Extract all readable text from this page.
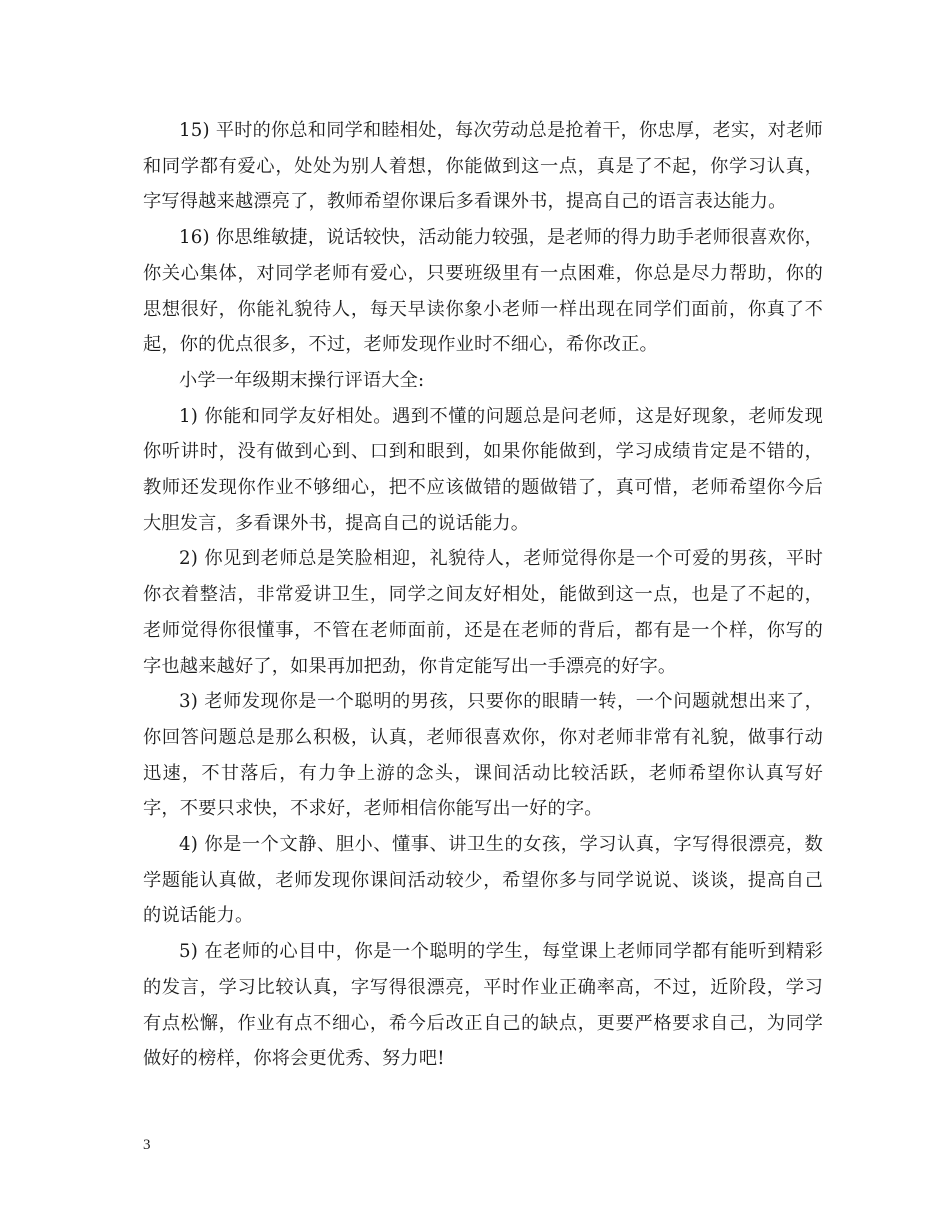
15) 平时的你总和同学和睦相处，每次劳动总是抢着干，你忠厚，老实，对老师和同学都有爱心，处处为别人着想，你能做到这一点，真是了不起，你学习认真，字写得越来越漂亮了，教师希望你课后多看课外书，提高自己的语言表达能力。

16) 你思维敏捷，说话较快，活动能力较强，是老师的得力助手老师很喜欢你，你关心集体，对同学老师有爱心，只要班级里有一点困难，你总是尽力帮助，你的思想很好，你能礼貌待人，每天早读你象小老师一样出现在同学们面前，你真了不起，你的优点很多，不过，老师发现作业时不细心，希你改正。

小学一年级期末操行评语大全:

1) 你能和同学友好相处。遇到不懂的问题总是问老师，这是好现象，老师发现你听讲时，没有做到心到、口到和眼到，如果你能做到，学习成绩肯定是不错的，教师还发现你作业不够细心，把不应该做错的题做错了，真可惜，老师希望你今后大胆发言，多看课外书，提高自己的说话能力。

2) 你见到老师总是笑脸相迎，礼貌待人，老师觉得你是一个可爱的男孩，平时你衣着整洁，非常爱讲卫生，同学之间友好相处，能做到这一点，也是了不起的，老师觉得你很懂事，不管在老师面前，还是在老师的背后，都有是一个样，你写的字也越来越好了，如果再加把劲，你肯定能写出一手漂亮的好字。

3) 老师发现你是一个聪明的男孩，只要你的眼睛一转，一个问题就想出来了，你回答问题总是那么积极，认真，老师很喜欢你，你对老师非常有礼貌，做事行动迅速，不甘落后，有力争上游的念头，课间活动比较活跃，老师希望你认真写好字，不要只求快，不求好，老师相信你能写出一好的字。

4) 你是一个文静、胆小、懂事、讲卫生的女孩，学习认真，字写得很漂亮，数学题能认真做，老师发现你课间活动较少，希望你多与同学说说、谈谈，提高自己的说话能力。

5) 在老师的心目中，你是一个聪明的学生，每堂课上老师同学都有能听到精彩的发言，学习比较认真，字写得很漂亮，平时作业正确率高，不过，近阶段，学习有点松懈，作业有点不细心，希今后改正自己的缺点，更要严格要求自己，为同学做好的榜样，你将会更优秀、努力吧!

3
